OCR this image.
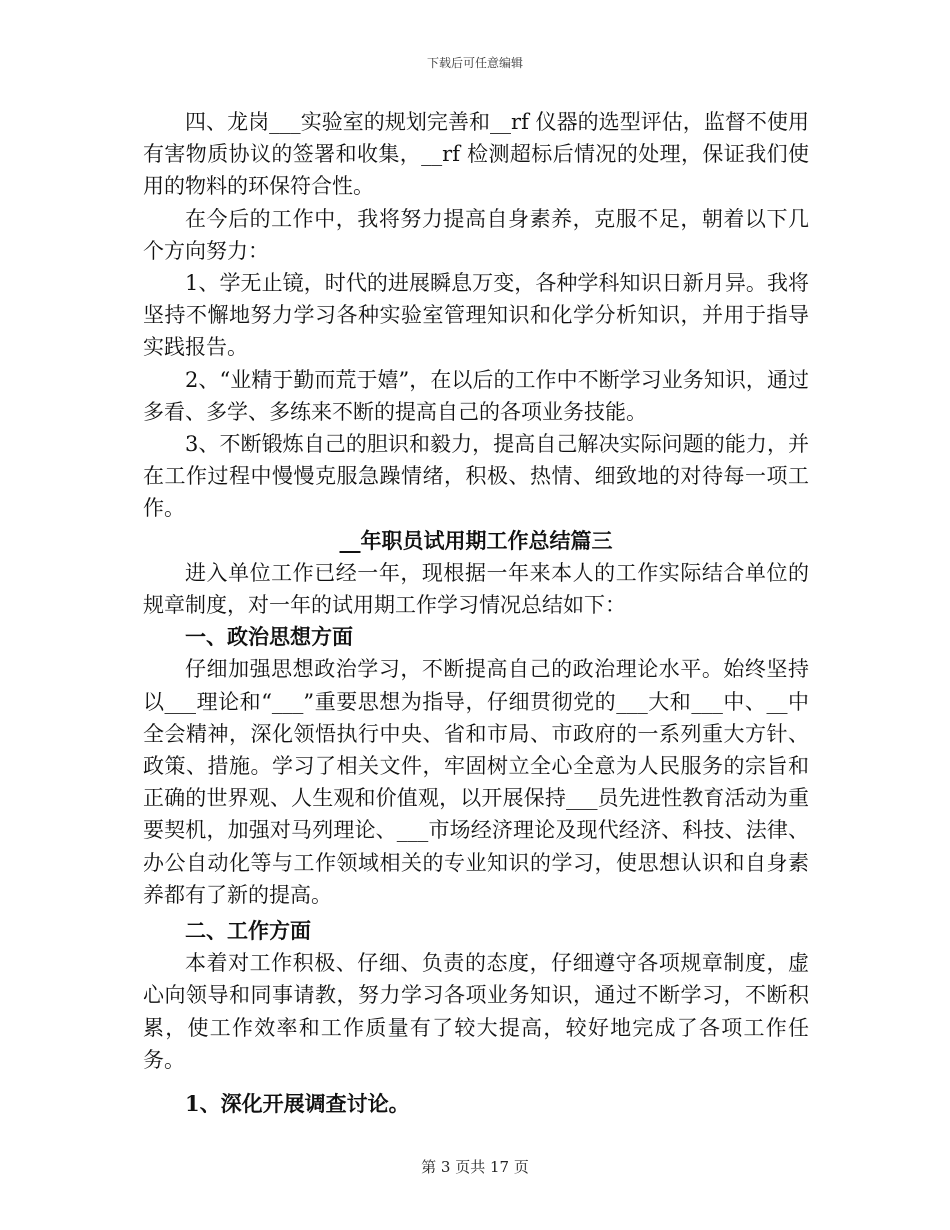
下载后可任意编辑

四、龙岗___实验室的规划完善和__rf 仪器的选型评估，监督不使用有害物质协议的签署和收集，__rf 检测超标后情况的处理，保证我们使用的物料的环保符合性。

在今后的工作中，我将努力提高自身素养，克服不足，朝着以下几个方向努力：

1、学无止镜，时代的进展瞬息万变，各种学科知识日新月异。我将坚持不懈地努力学习各种实验室管理知识和化学分析知识，并用于指导实践报告。

2、“业精于勤而荒于嬉”，在以后的工作中不断学习业务知识，通过多看、多学、多练来不断的提高自己的各项业务技能。

3、不断锻炼自己的胆识和毅力，提高自己解决实际问题的能力，并在工作过程中慢慢克服急躁情绪，积极、热情、细致地的对待每一项工作。

__年职员试用期工作总结篇三

进入单位工作已经一年，现根据一年来本人的工作实际结合单位的规章制度，对一年的试用期工作学习情况总结如下：

一、政治思想方面

仔细加强思想政治学习，不断提高自己的政治理论水平。始终坚持以___理论和“___”重要思想为指导，仔细贯彻党的___大和___中、__中全会精神，深化领悟执行中央、省和市局、市政府的一系列重大方针、政策、措施。学习了相关文件，牢固树立全心全意为人民服务的宗旨和正确的世界观、人生观和价值观，以开展保持___员先进性教育活动为重要契机，加强对马列理论、___市场经济理论及现代经济、科技、法律、办公自动化等与工作领域相关的专业知识的学习，使思想认识和自身素养都有了新的提高。

二、工作方面

本着对工作积极、仔细、负责的态度，仔细遵守各项规章制度，虚心向领导和同事请教，努力学习各项业务知识，通过不断学习，不断积累，使工作效率和工作质量有了较大提高，较好地完成了各项工作任务。

1、深化开展调查讨论。

第 3 页共 17 页
